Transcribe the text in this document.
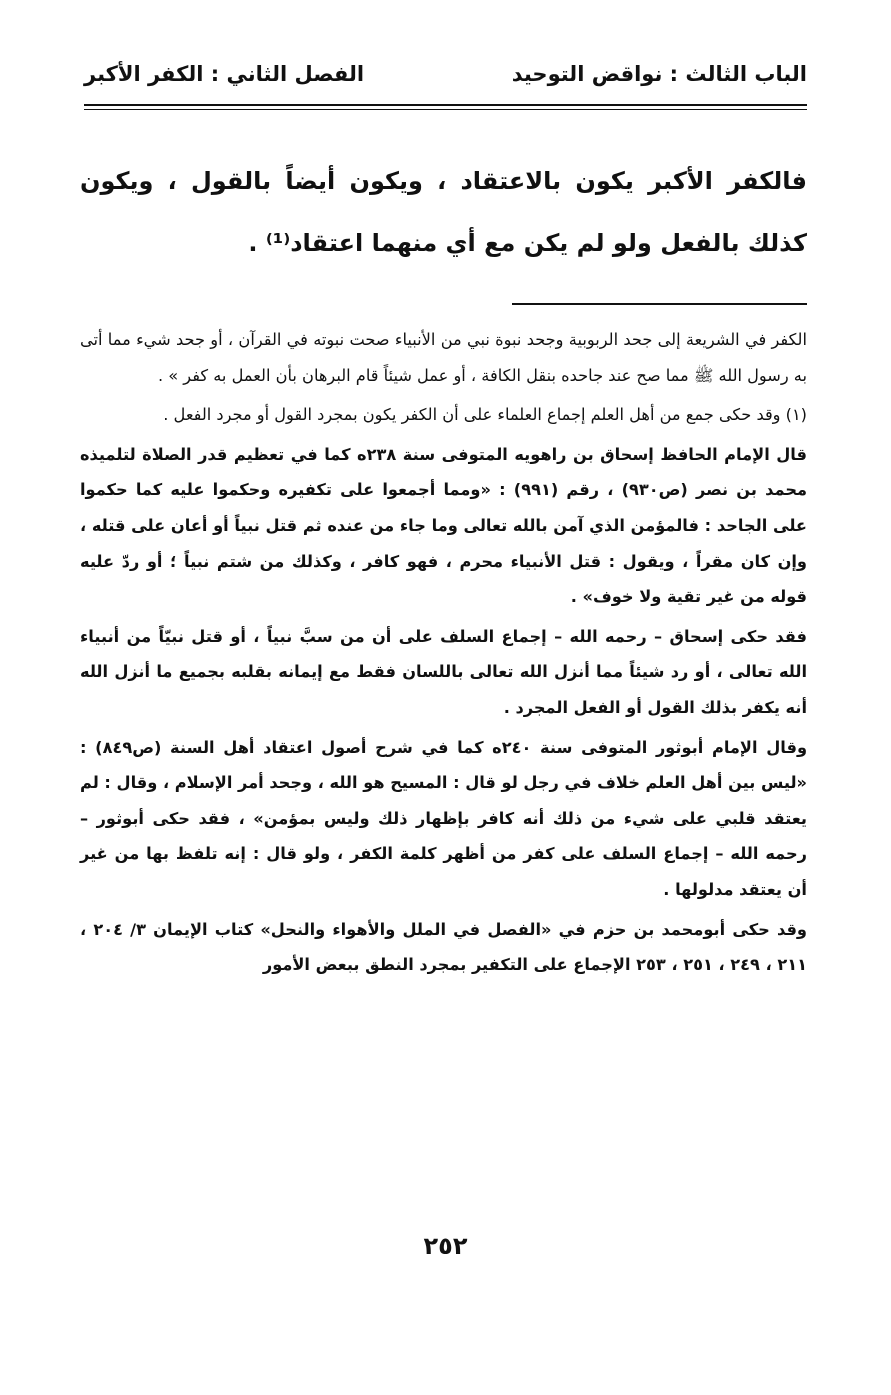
الباب الثالث : نواقض التوحيد
الفصل الثاني : الكفر الأكبر
فالكفر الأكبر يكون بالاعتقاد ، ويكون أيضاً بالقول ، ويكون كذلك بالفعل ولو لم يكن مع أي منهما اعتقاد⁽¹⁾ .

الكفر في الشريعة إلى جحد الربوبية وجحد نبوة نبي من الأنبياء صحت نبوته في القرآن ، أو جحد شيء مما أتى به رسول الله ﷺ مما صح عند جاحده بنقل الكافة ، أو عمل شيئاً قام البرهان بأن العمل به كفر » .

(١) وقد حكى جمع من أهل العلم إجماع العلماء على أن الكفر يكون بمجرد القول أو مجرد الفعل .

قال الإمام الحافظ إسحاق بن راهويه المتوفى سنة ٢٣٨ه كما في تعظيم قدر الصلاة لتلميذه محمد بن نصر (ص٩٣٠) ، رقم (٩٩١) : «ومما أجمعوا على تكفيره وحكموا عليه كما حكموا على الجاحد : فالمؤمن الذي آمن بالله تعالى وما جاء من عنده ثم قتل نبياً أو أعان على قتله ، وإن كان مقراً ، ويقول : قتل الأنبياء محرم ، فهو كافر ، وكذلك من شتم نبياً ؛ أو ردّ عليه قوله من غير تقية ولا خوف» .

فقد حكى إسحاق – رحمه الله – إجماع السلف على أن من سبَّ نبياً ، أو قتل نبيّاً من أنبياء الله تعالى ، أو رد شيئاً مما أنزل الله تعالى باللسان فقط مع إيمانه بقلبه بجميع ما أنزل الله أنه يكفر بذلك القول أو الفعل المجرد .

وقال الإمام أبوثور المتوفى سنة ٢٤٠ه كما في شرح أصول اعتقاد أهل السنة (ص٨٤٩) : «ليس بين أهل العلم خلاف في رجل لو قال : المسيح هو الله ، وجحد أمر الإسلام ، وقال : لم يعتقد قلبي على شيء من ذلك أنه كافر بإظهار ذلك وليس بمؤمن» ، فقد حكى أبوثور – رحمه الله – إجماع السلف على كفر من أظهر كلمة الكفر ، ولو قال : إنه تلفظ بها من غير أن يعتقد مدلولها .

وقد حكى أبومحمد بن حزم في «الفصل في الملل والأهواء والنحل» كتاب الإيمان ٣/ ٢٠٤ ، ٢١١ ، ٢٤٩ ، ٢٥١ ، ٢٥٣ الإجماع على التكفير بمجرد النطق ببعض الأمور

٢٥٢
